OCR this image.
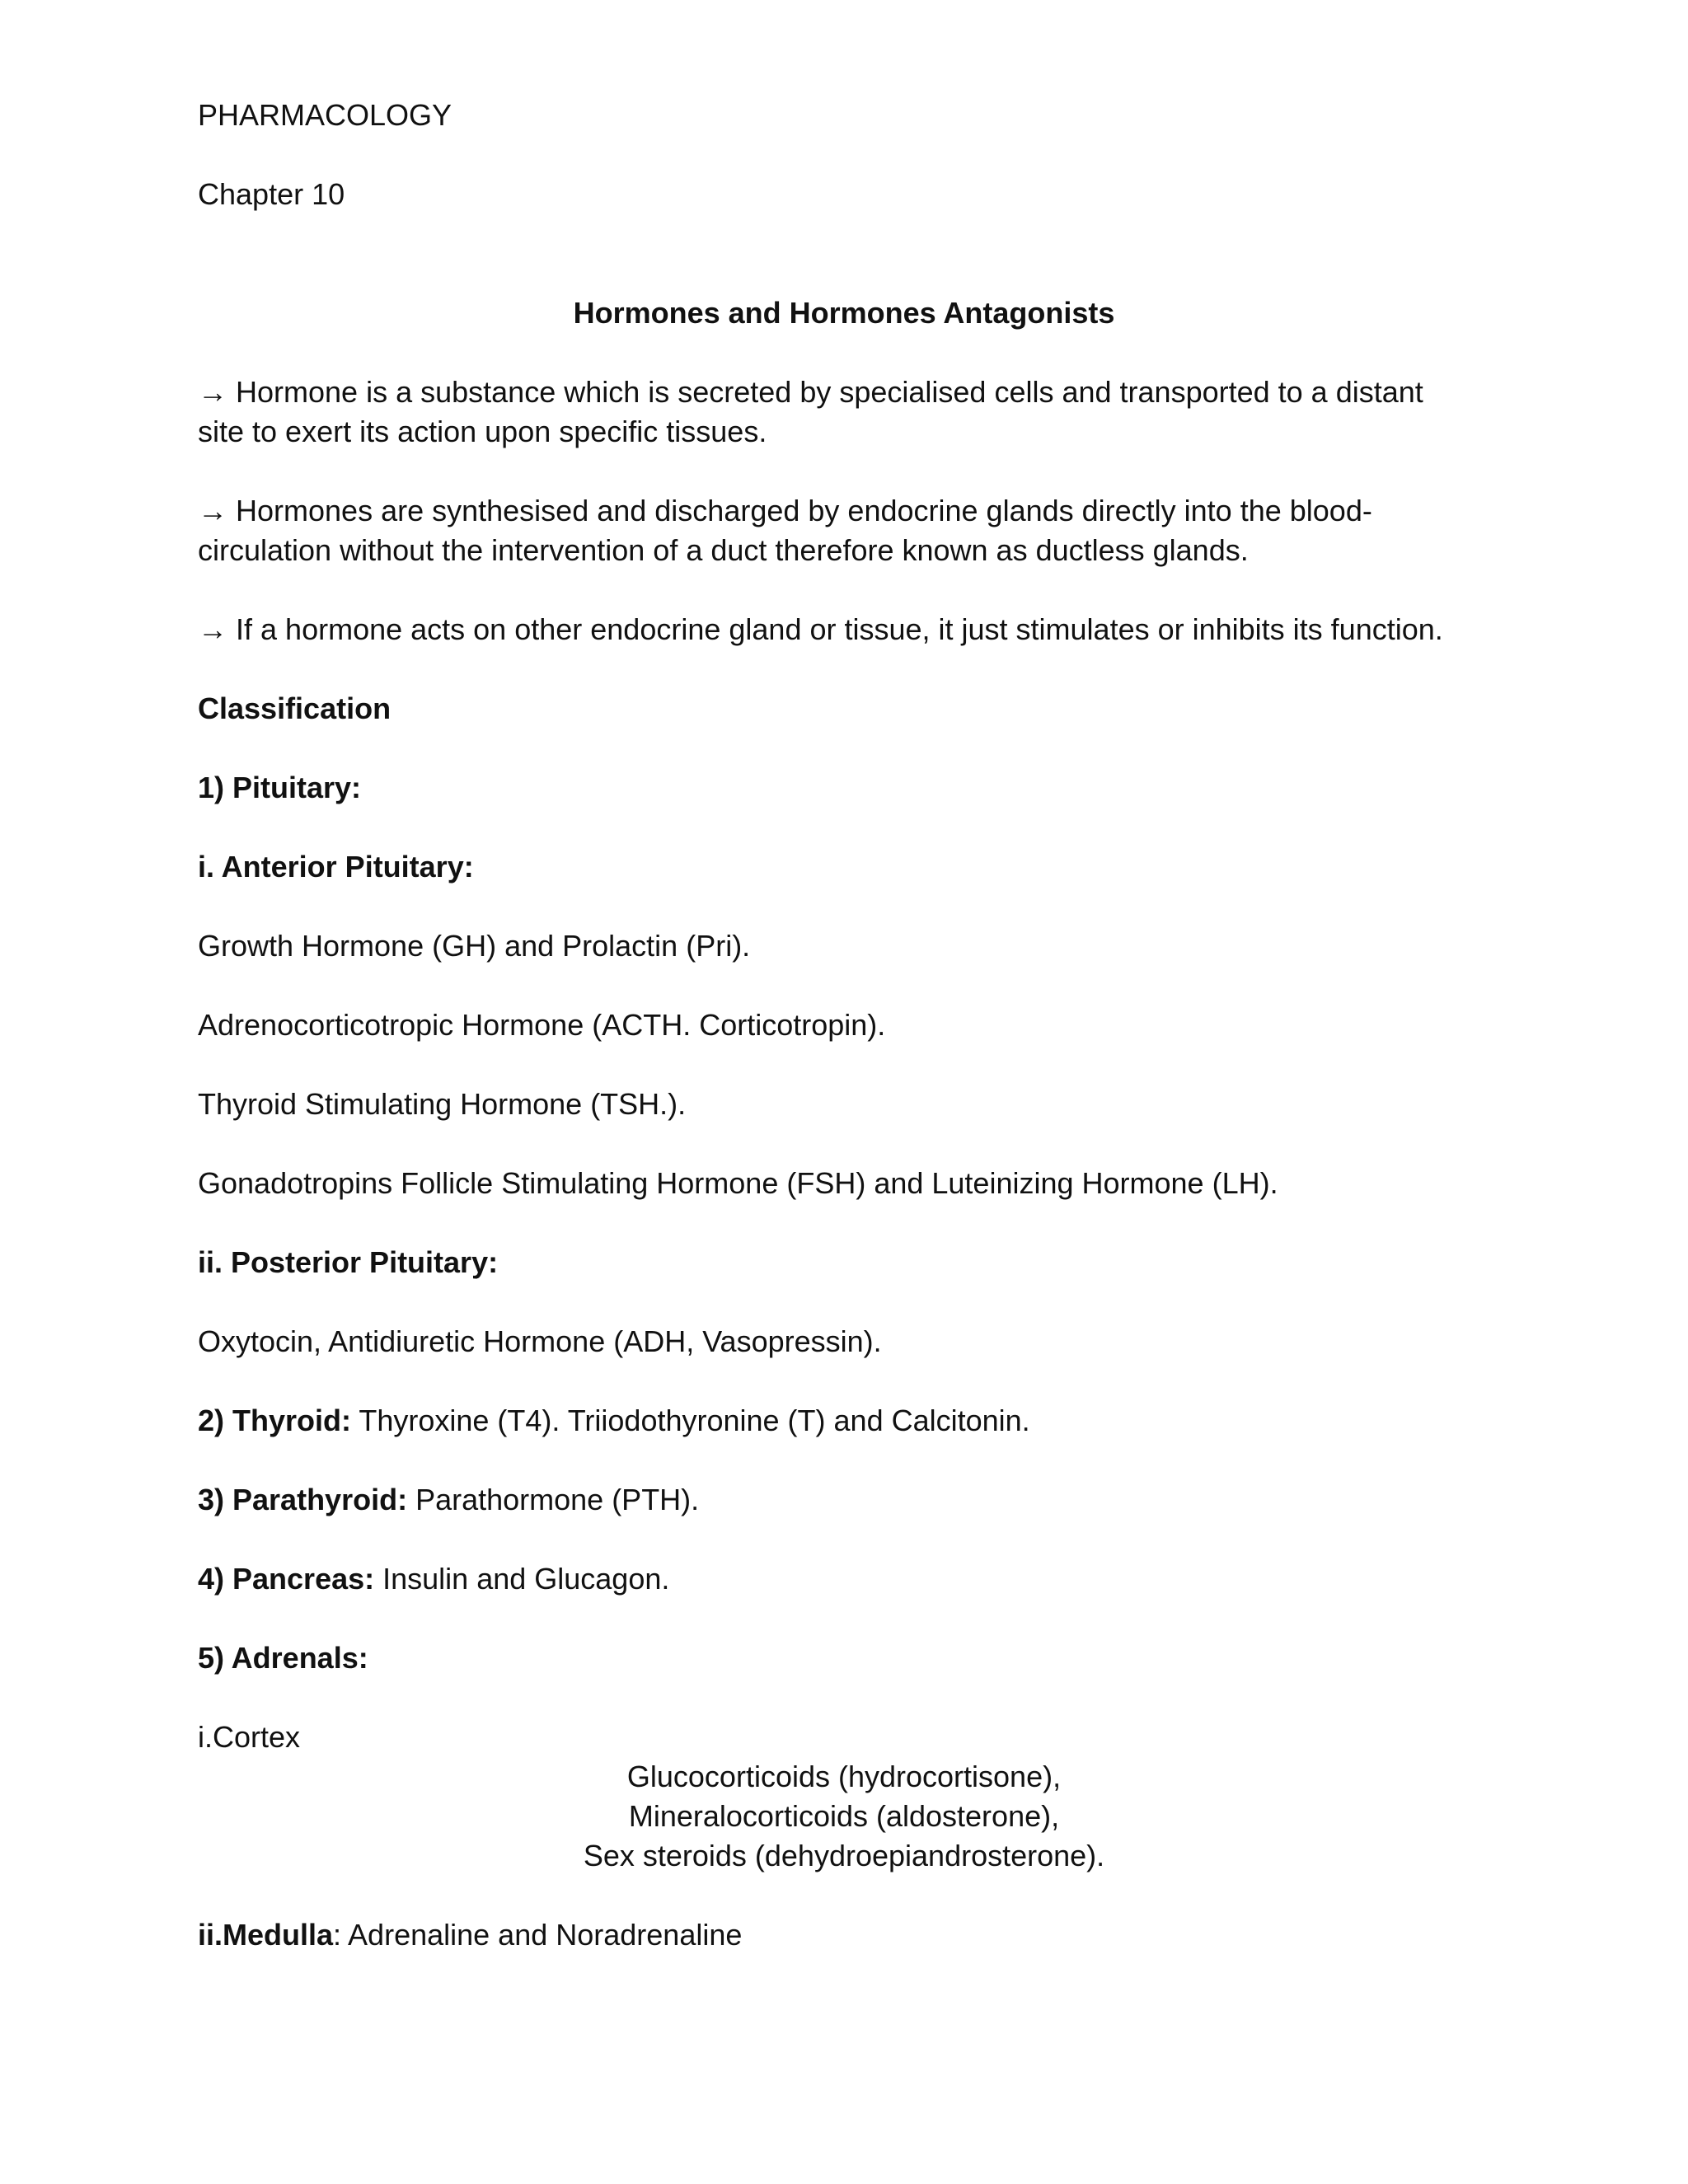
PHARMACOLOGY
Chapter 10
Hormones and Hormones Antagonists
→ Hormone is a substance which is secreted by specialised cells and transported to a distant
site to exert its action upon specific tissues.
→ Hormones are synthesised and discharged by endocrine glands directly into the blood-
circulation without the intervention of a duct therefore known as ductless glands.
→ If a hormone acts on other endocrine gland or tissue, it just stimulates or inhibits its function.
Classification
1) Pituitary:
i. Anterior Pituitary:
Growth Hormone (GH) and Prolactin (Pri).
Adrenocorticotropic Hormone (ACTH. Corticotropin).
Thyroid Stimulating Hormone (TSH.).
Gonadotropins Follicle Stimulating Hormone (FSH) and Luteinizing Hormone (LH).
ii. Posterior Pituitary:
Oxytocin, Antidiuretic Hormone (ADH, Vasopressin).
2) Thyroid: Thyroxine (T4). Triiodothyronine (T) and Calcitonin.
3) Parathyroid: Parathormone (PTH).
4) Pancreas: Insulin and Glucagon.
5) Adrenals:
i.Cortex
Glucocorticoids (hydrocortisone),
Mineralocorticoids (aldosterone),
Sex steroids (dehydroepiandrosterone).
ii.Medulla: Adrenaline and Noradrenaline
